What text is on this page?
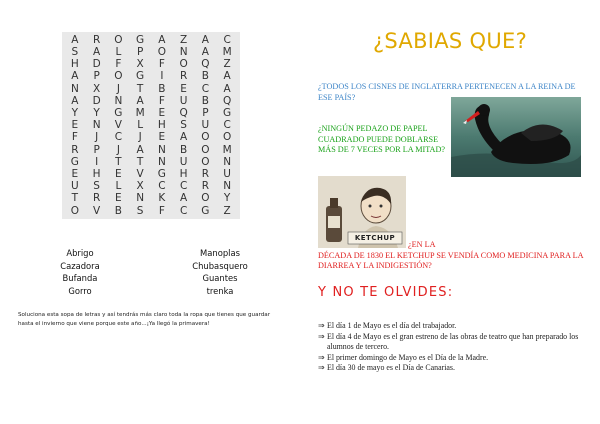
A	R	O	G	A	Z	A	C
S	A	L	P	O	N	A	M
H	D	F	X	F	O	Q	Z
A	P	O	G	I	R	B	A
N	X	J	T	B	E	C	A
A	D	N	A	F	U	B	Q
Y	Y	G	M	E	Q	P	G
E	N	V	L	H	S	U	C
F	J	C	J	E	A	O	O
R	P	J	A	N	B	O	M
G	I	T	T	N	U	O	N
E	H	E	V	G	H	R	U
U	S	L	X	C	C	R	N
T	R	E	N	K	A	O	Y
O	V	B	S	F	C	G	Z
Abrigo
Cazadora
Bufanda
Gorro
Manoplas
Chubasquero
Guantes
trenka
Soluciona esta sopa de letras y así tendrás más claro toda la ropa que tienes que guardar hasta el invierno que viene porque este año...¡Ya llegó la primavera!
¿SABIAS QUE?
¿TODOS LOS CISNES DE INGLATERRA PERTENECEN A LA REINA DE ESE PAÍS?
¿NINGÚN PEDAZO DE PAPEL CUADRADO PUEDE DOBLARSE MÁS DE 7 VECES POR LA MITAD?
KETCHUP
¿EN LA
DÉCADA DE 1830 EL KETCHUP SE VENDÍA COMO MEDICINA PARA LA DIARREA Y LA INDIGESTIÓN?
Y NO TE OLVIDES:
⇒ El día 1 de Mayo es el día del trabajador.
⇒ El día 4 de Mayo es el gran estreno de las obras de teatro que han preparado los alumnos de tercero.
⇒ El primer domingo de Mayo es el Día de la Madre.
⇒ El día 30 de mayo es el Día de Canarias.
